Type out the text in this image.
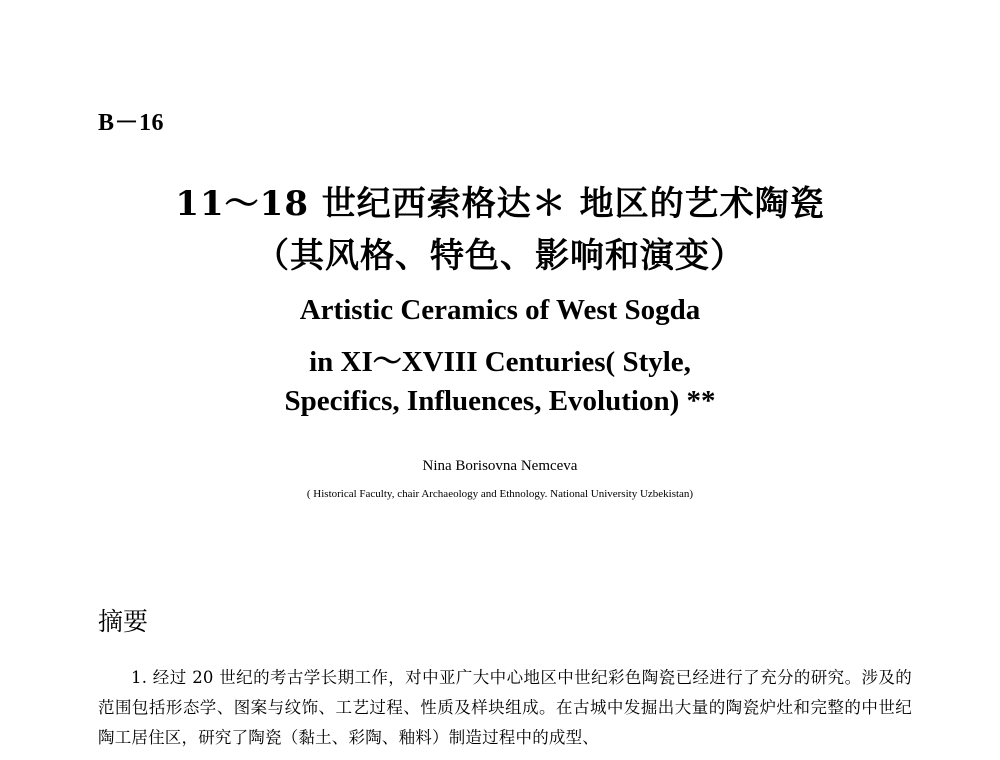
B－16
11～18 世纪西索格达＊ 地区的艺术陶瓷
（其风格、特色、影响和演变）
Artistic Ceramics of West Sogda
in XI～XVIII Centuries( Style,
Specifics, Influences, Evolution) **
Nina Borisovna Nemceva
( Historical Faculty, chair Archaeology and Ethnology. National University Uzbekistan)
摘要
1. 经过 20 世纪的考古学长期工作，对中亚广大中心地区中世纪彩色陶瓷已经进行了充分的研究。涉及的范围包括形态学、图案与纹饰、工艺过程、性质及样块组成。在古城中发掘出大量的陶瓷炉灶和完整的中世纪陶工居住区，研究了陶瓷（黏土、彩陶、釉料）制造过程中的成型、
